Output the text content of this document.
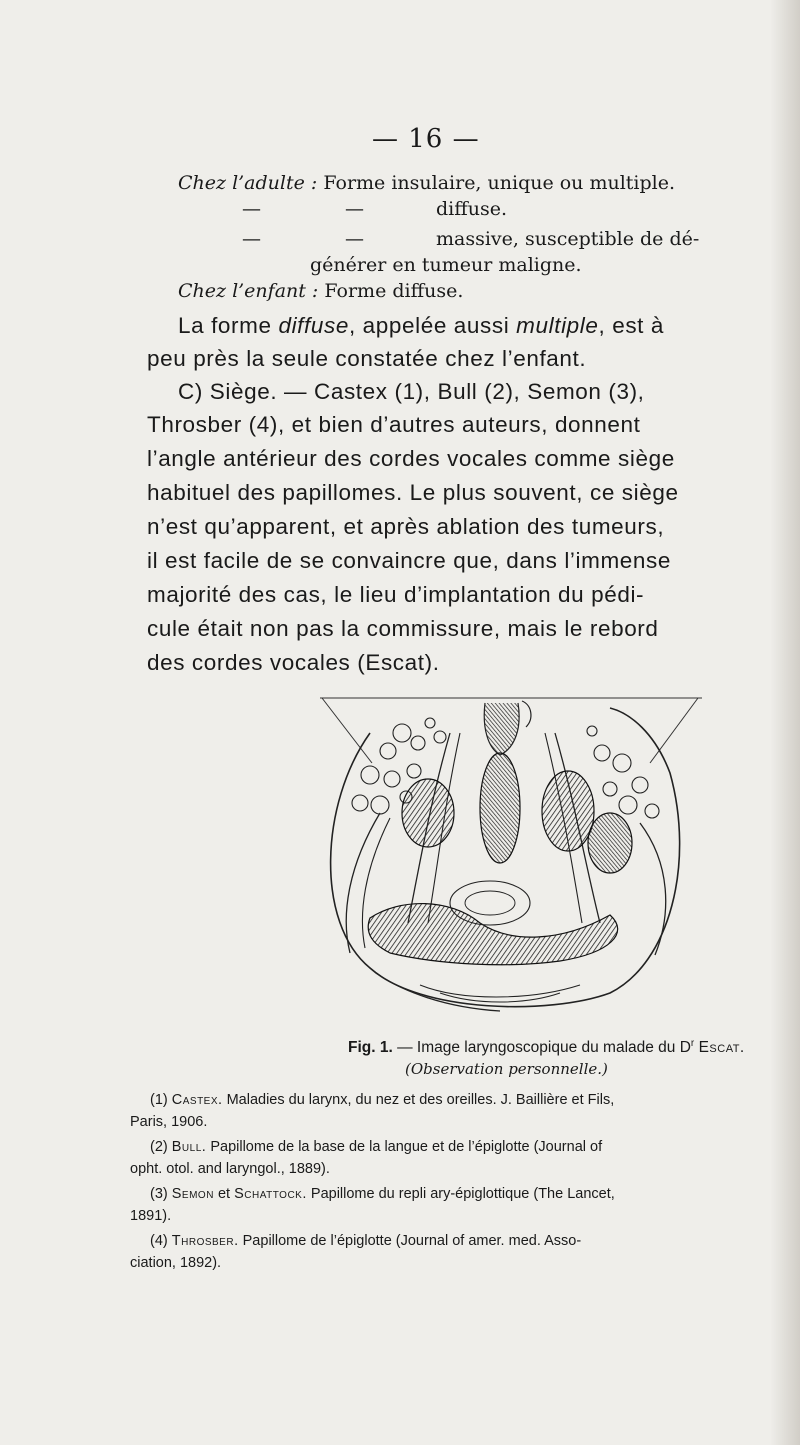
— 16 —
Chez l’adulte : Forme insulaire, unique ou multiple.
—	—	diffuse.
—	—	massive, susceptible de dé-
générer en tumeur maligne.
Chez l’enfant : Forme diffuse.
La forme diffuse, appelée aussi multiple, est à
peu près la seule constatée chez l’enfant.
C) Siège. — Castex (1), Bull (2), Semon (3),
Throsber (4), et bien d’autres auteurs, donnent
l’angle antérieur des cordes vocales comme siège
habituel des papillomes. Le plus souvent, ce siège
n’est qu’apparent, et après ablation des tumeurs,
il est facile de se convaincre que, dans l’immense
majorité des cas, le lieu d’implantation du pédi-
cule était non pas la commissure, mais le rebord
des cordes vocales (Escat).
Fig. 1. — Image laryngoscopique du malade du $D^r$ Escat.
(Observation personnelle.)
(1) Castex. Maladies du larynx, du nez et des oreilles. J. Baillière et Fils,
Paris, 1906.
(2) Bull. Papillome de la base de la langue et de l’épiglotte (Journal of
opht. otol. and laryngol., 1889).
(3) Semon et Schattock. Papillome du repli ary-épiglottique (The Lancet,
1891).
(4) Throsber. Papillome de l’épiglotte (Journal of amer. med. Asso-
ciation, 1892).
